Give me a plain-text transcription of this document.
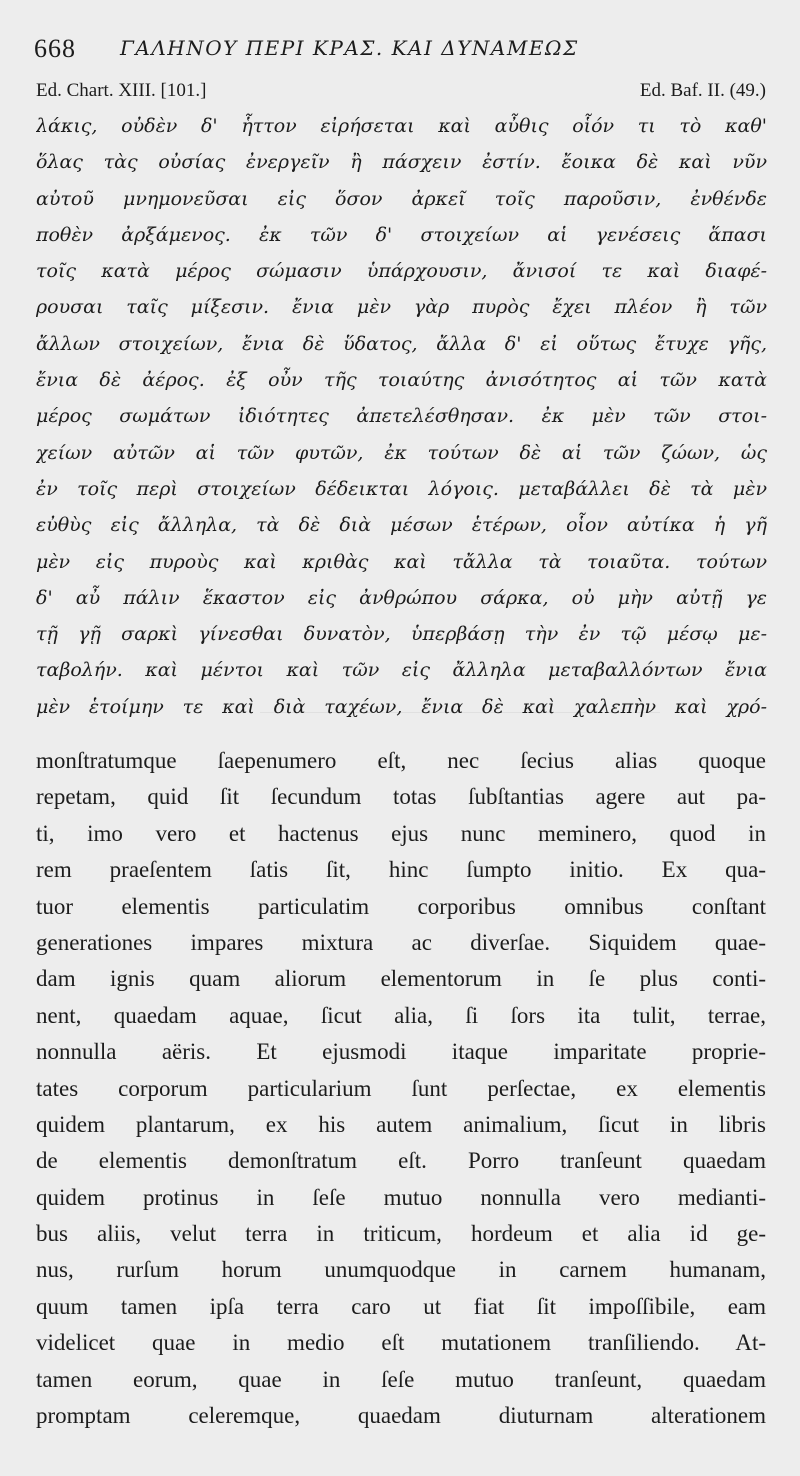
668 ΓΑΛΗΝΟΥ ΠΕΡΙ ΚΡΑΣ. ΚΑΙ ΔΥΝΑΜΕΩΣ
Ed. Chart. XIII. [101.]	Ed. Baf. II. (49.)
λάκις, οὐδὲν δ' ἧττον εἰρήσεται καὶ αὖθις οἷόν τι τὸ καθ'
ὅλας τὰς οὐσίας ἐνεργεῖν ἢ πάσχειν ἐστίν. ἔοικα δὲ καὶ νῦν
αὐτοῦ μνημονεῦσαι εἰς ὅσον ἀρκεῖ τοῖς παροῦσιν, ἐνθένδε
ποθὲν ἀρξάμενος. ἐκ τῶν δ' στοιχείων αἱ γενέσεις ἅπασι
τοῖς κατὰ μέρος σώμασιν ὑπάρχουσιν, ἄνισοί τε καὶ διαφέ-
ρουσαι ταῖς μίξεσιν. ἔνια μὲν γὰρ πυρὸς ἔχει πλέον ἢ τῶν
ἄλλων στοιχείων, ἔνια δὲ ὕδατος, ἄλλα δ' εἰ οὕτως ἔτυχε γῆς,
ἔνια δὲ ἀέρος. ἐξ οὖν τῆς τοιαύτης ἀνισότητος αἱ τῶν κατὰ
μέρος σωμάτων ἰδιότητες ἀπετελέσθησαν. ἐκ μὲν τῶν στοι-
χείων αὐτῶν αἱ τῶν φυτῶν, ἐκ τούτων δὲ αἱ τῶν ζώων, ὡς
ἐν τοῖς περὶ στοιχείων δέδεικται λόγοις. μεταβάλλει δὲ τὰ μὲν
εὐθὺς εἰς ἄλληλα, τὰ δὲ διὰ μέσων ἑτέρων, οἷον αὐτίκα ἡ γῆ
μὲν εἰς πυροὺς καὶ κριθὰς καὶ τἄλλα τὰ τοιαῦτα. τούτων
δ' αὖ πάλιν ἕκαστον εἰς ἀνθρώπου σάρκα, οὐ μὴν αὐτῇ γε
τῇ γῇ σαρκὶ γίνεσθαι δυνατὸν, ὑπερβάσῃ τὴν ἐν τῷ μέσῳ με-
ταβολήν. καὶ μέντοι καὶ τῶν εἰς ἄλληλα μεταβαλλόντων ἔνια
μὲν ἑτοίμην τε καὶ διὰ ταχέων, ἔνια δὲ καὶ χαλεπὴν καὶ χρό-
monſtratumque ſaepenumero eſt, nec ſecius alias quoque
repetam, quid ſit ſecundum totas ſubſtantias agere aut pa-
ti, imo vero et hactenus ejus nunc meminero, quod in
rem praeſentem ſatis ſit, hinc ſumpto initio. Ex qua-
tuor elementis particulatim corporibus omnibus conſtant
generationes impares mixtura ac diverſae. Siquidem quae-
dam ignis quam aliorum elementorum in ſe plus conti-
nent, quaedam aquae, ſicut alia, ſi ſors ita tulit, terrae,
nonnulla aëris. Et ejusmodi itaque imparitate proprie-
tates corporum particularium ſunt perſectae, ex elementis
quidem plantarum, ex his autem animalium, ſicut in libris
de elementis demonſtratum eſt. Porro tranſeunt quaedam
quidem protinus in ſeſe mutuo nonnulla vero medianti-
bus aliis, velut terra in triticum, hordeum et alia id ge-
nus, rurſum horum unumquodque in carnem humanam,
quum tamen ipſa terra caro ut fiat ſit impoſſibile, eam
videlicet quae in medio eſt mutationem tranſiliendo. At-
tamen eorum, quae in ſeſe mutuo tranſeunt, quaedam
promptam celeremque, quaedam diuturnam alterationem
